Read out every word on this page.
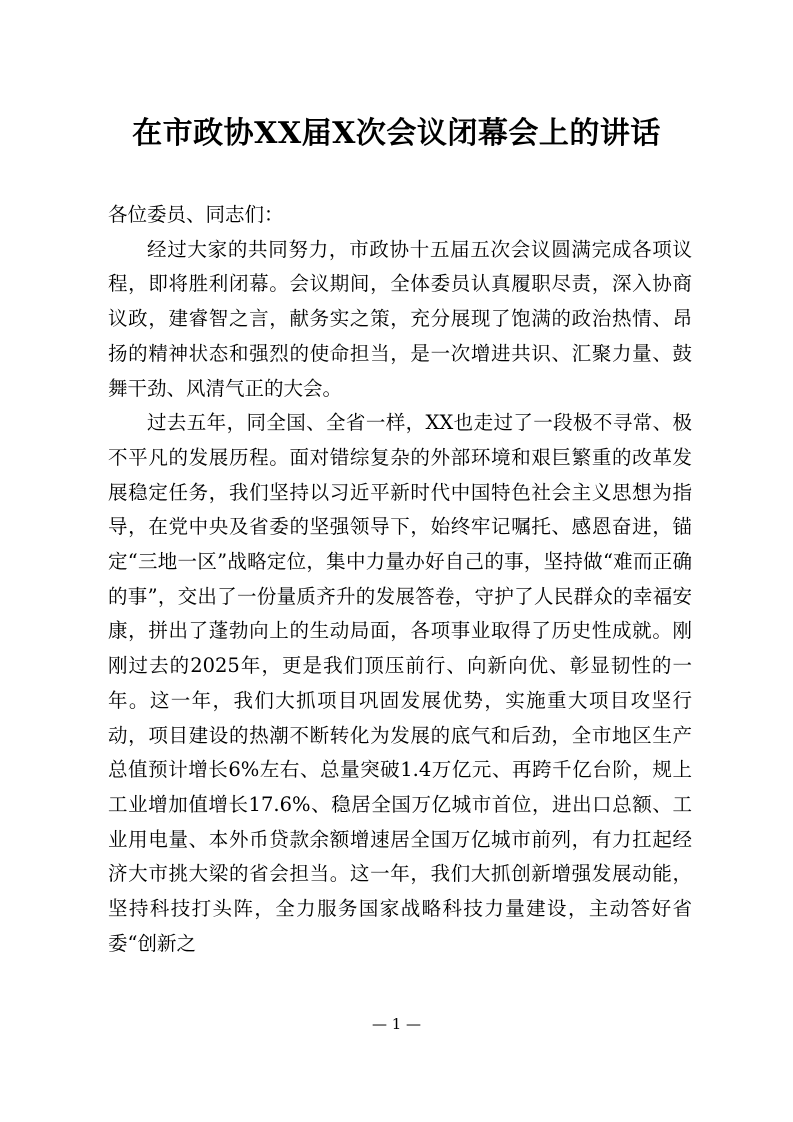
在市政协XX届X次会议闭幕会上的讲话

各位委员、同志们：

经过大家的共同努力，市政协十五届五次会议圆满完成各项议程，即将胜利闭幕。会议期间，全体委员认真履职尽责，深入协商议政，建睿智之言，献务实之策，充分展现了饱满的政治热情、昂扬的精神状态和强烈的使命担当，是一次增进共识、汇聚力量、鼓舞干劲、风清气正的大会。

过去五年，同全国、全省一样，XX也走过了一段极不寻常、极不平凡的发展历程。面对错综复杂的外部环境和艰巨繁重的改革发展稳定任务，我们坚持以习近平新时代中国特色社会主义思想为指导，在党中央及省委的坚强领导下，始终牢记嘱托、感恩奋进，锚定“三地一区”战略定位，集中力量办好自己的事，坚持做“难而正确的事”，交出了一份量质齐升的发展答卷，守护了人民群众的幸福安康，拼出了蓬勃向上的生动局面，各项事业取得了历史性成就。刚刚过去的2025年，更是我们顶压前行、向新向优、彰显韧性的一年。这一年，我们大抓项目巩固发展优势，实施重大项目攻坚行动，项目建设的热潮不断转化为发展的底气和后劲，全市地区生产总值预计增长6%左右、总量突破1.4万亿元、再跨千亿台阶，规上工业增加值增长17.6%、稳居全国万亿城市首位，进出口总额、工业用电量、本外币贷款余额增速居全国万亿城市前列，有力扛起经济大市挑大梁的省会担当。这一年，我们大抓创新增强发展动能，坚持科技打头阵，全力服务国家战略科技力量建设，主动答好省委“创新之

— 1 —
